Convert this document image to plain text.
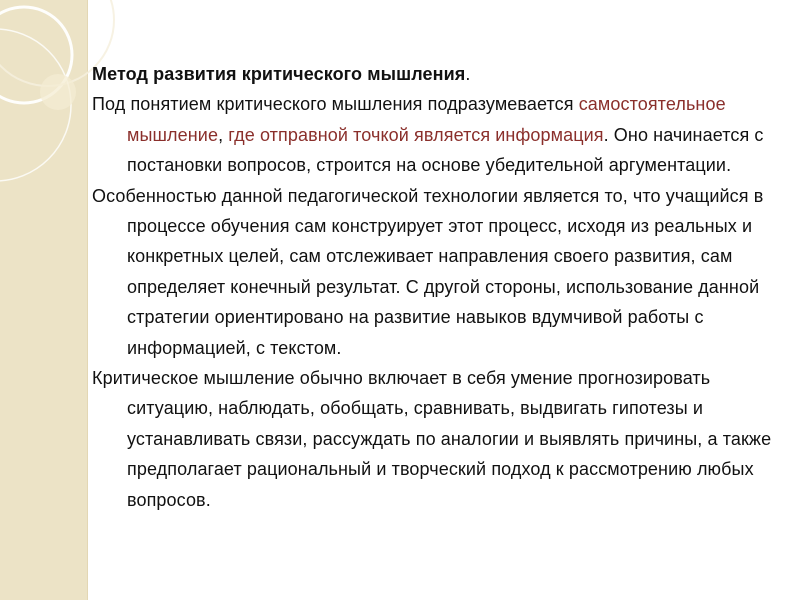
Метод развития критического мышления.

Под понятием критического мышления подразумевается самостоятельное мышление, где отправной точкой является информация. Оно начинается с постановки вопросов, строится на основе убедительной аргументации.

Особенностью данной педагогической технологии является то, что учащийся в процессе обучения сам конструирует этот процесс, исходя из реальных и конкретных целей, сам отслеживает направления своего развития, сам определяет конечный результат. С другой стороны, использование данной стратегии ориентировано на развитие навыков вдумчивой работы с информацией, с текстом.

Критическое мышление обычно включает в себя умение прогнозировать ситуацию, наблюдать, обобщать, сравнивать, выдвигать гипотезы и устанавливать связи, рассуждать по аналогии и выявлять причины, а также предполагает рациональный и творческий подход к рассмотрению любых вопросов.
